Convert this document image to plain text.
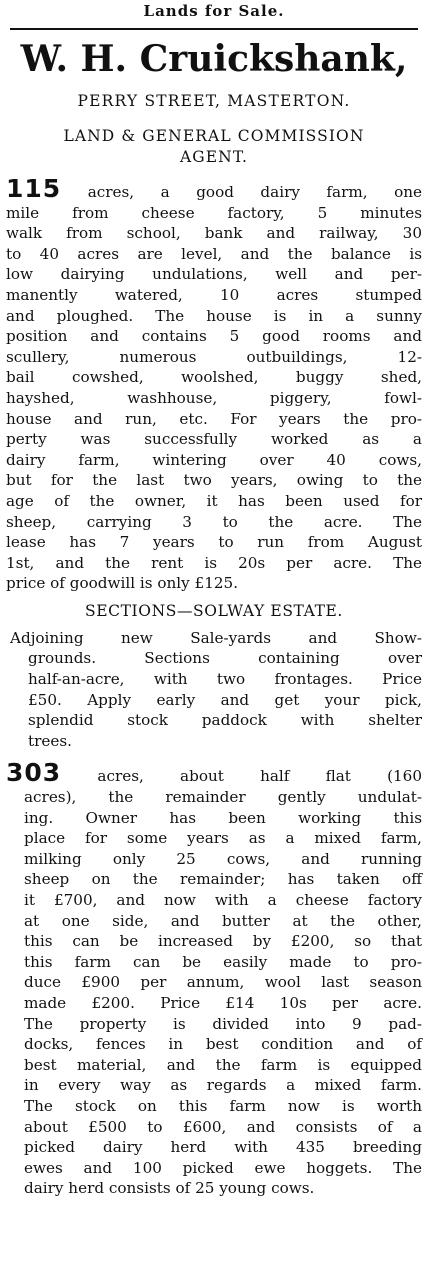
Lands for Sale.
W. H. Cruickshank,
PERRY STREET, MASTERTON.
LAND & GENERAL COMMISSION
AGENT.
115 acres, a good dairy farm, one
mile from cheese factory, 5 minutes
walk from school, bank and railway, 30
to 40 acres are level, and the balance is
low dairying undulations, well and per-
manently watered, 10 acres stumped
and ploughed. The house is in a sunny
position and contains 5 good rooms and
scullery, numerous outbuildings, 12-
bail cowshed, woolshed, buggy shed,
hayshed, washhouse, piggery, fowl-
house and run, etc. For years the pro-
perty was successfully worked as a
dairy farm, wintering over 40 cows,
but for the last two years, owing to the
age of the owner, it has been used for
sheep, carrying 3 to the acre. The
lease has 7 years to run from August
1st, and the rent is 20s per acre. The
price of goodwill is only £125.
SECTIONS—SOLWAY ESTATE.
Adjoining new Sale-yards and Show-
grounds. Sections containing over
half-an-acre, with two frontages. Price
£50. Apply early and get your pick,
splendid stock paddock with shelter
trees.
303 acres, about half flat (160
acres), the remainder gently undulat-
ing. Owner has been working this
place for some years as a mixed farm,
milking only 25 cows, and running
sheep on the remainder; has taken off
it £700, and now with a cheese factory
at one side, and butter at the other,
this can be increased by £200, so that
this farm can be easily made to pro-
duce £900 per annum, wool last season
made £200. Price £14 10s per acre.
The property is divided into 9 pad-
docks, fences in best condition and of
best material, and the farm is equipped
in every way as regards a mixed farm.
The stock on this farm now is worth
about £500 to £600, and consists of a
picked dairy herd with 435 breeding
ewes and 100 picked ewe hoggets. The
dairy herd consists of 25 young cows.
